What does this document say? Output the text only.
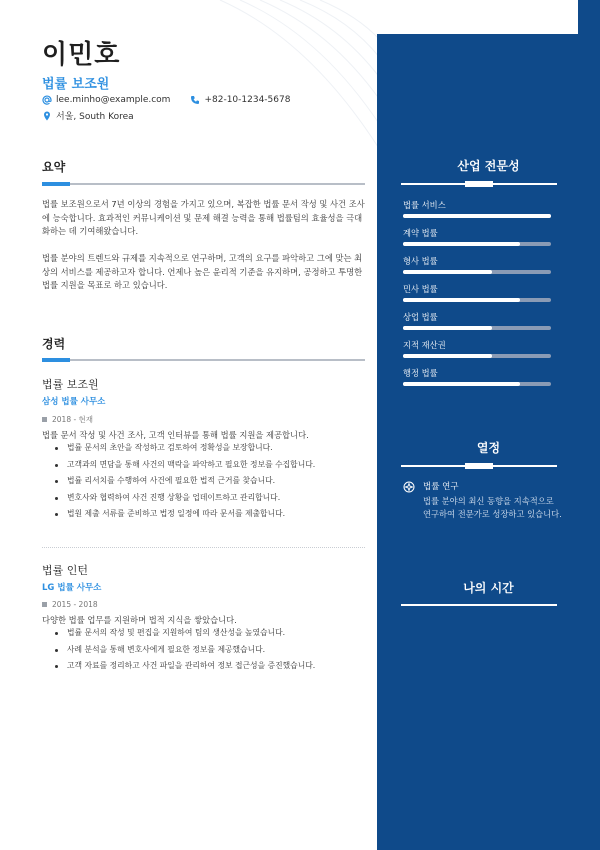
이민호
법률 보조원
lee.minho@example.com	+82-10-1234-5678
서울, South Korea
요약
법률 보조원으로서 7년 이상의 경험을 가지고 있으며, 복잡한 법률 문서 작성 및 사건 조사에 능숙합니다. 효과적인 커뮤니케이션 및 문제 해결 능력을 통해 법률팀의 효율성을 극대화하는 데 기여해왔습니다.
법률 분야의 트렌드와 규제를 지속적으로 연구하며, 고객의 요구를 파악하고 그에 맞는 최상의 서비스를 제공하고자 합니다. 언제나 높은 윤리적 기준을 유지하며, 공정하고 투명한 법률 지원을 목표로 하고 있습니다.
경력
법률 보조원
삼성 법률 사무소
2018 - 현재
법률 문서 작성 및 사건 조사, 고객 인터뷰를 통해 법률 지원을 제공합니다.
법률 문서의 초안을 작성하고 검토하여 정확성을 보장합니다.
고객과의 면담을 통해 사건의 맥락을 파악하고 필요한 정보를 수집합니다.
법률 리서치를 수행하여 사건에 필요한 법적 근거를 찾습니다.
변호사와 협력하여 사건 진행 상황을 업데이트하고 관리합니다.
법원 제출 서류를 준비하고 법정 일정에 따라 문서를 제출합니다.
법률 인턴
LG 법률 사무소
2015 - 2018
다양한 법률 업무를 지원하며 법적 지식을 쌓았습니다.
법률 문서의 작성 및 편집을 지원하여 팀의 생산성을 높였습니다.
사례 분석을 통해 변호사에게 필요한 정보를 제공했습니다.
고객 자료를 정리하고 사건 파일을 관리하여 정보 접근성을 증진했습니다.
산업 전문성
열정
나의 시간
법률 서비스
계약 법률
형사 법률
민사 법률
상업 법률
지적 재산권
행정 법률
법률 연구
법률 분야의 최신 동향을 지속적으로 연구하여 전문가로 성장하고 있습니다.
